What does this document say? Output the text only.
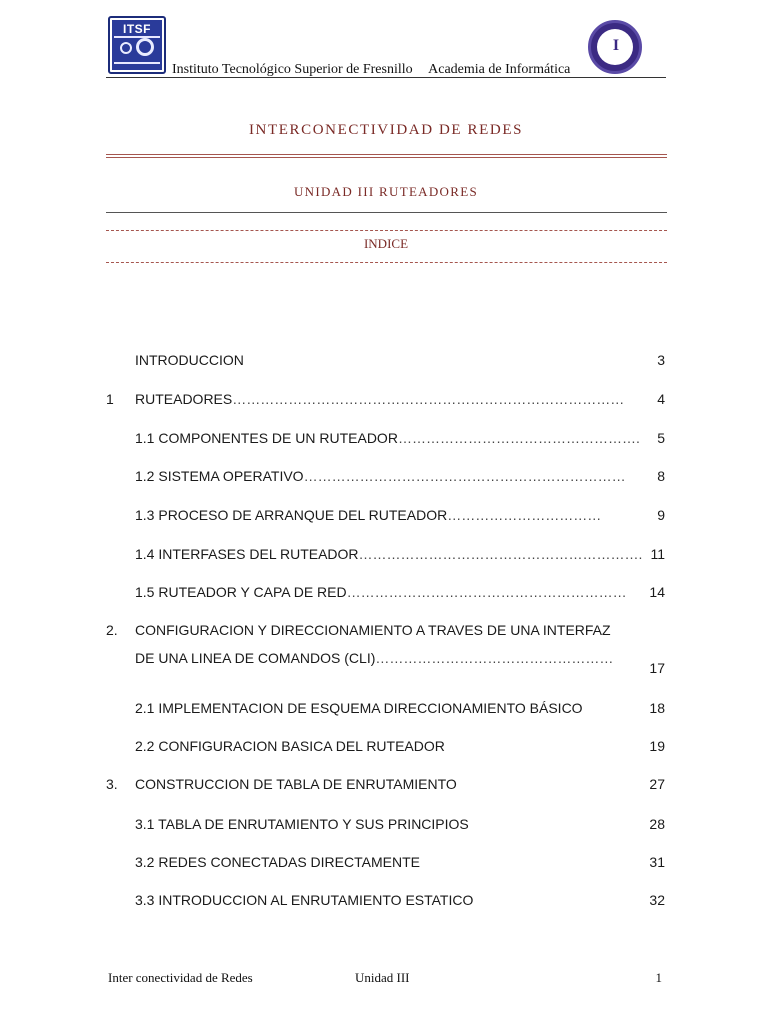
ITSF
Instituto Tecnológico Superior de Fresnillo Academia de Informática
I
INTERCONECTIVIDAD DE REDES
UNIDAD III RUTEADORES
INDICE
INTRODUCCION	3
1 RUTEADORES………………………………………………………………………… 4
1.1 COMPONENTES DE UN RUTEADOR……………………………………………. 5
1.2 SISTEMA OPERATIVO…………………………………………………………… 8
1.3 PROCESO DE ARRANQUE DEL RUTEADOR……………………………	9
1.4 INTERFASES DEL RUTEADOR……………………………………………………. 11
1.5 RUTEADOR Y CAPA DE RED…………………………………………………… 14
2. CONFIGURACION Y DIRECCIONAMIENTO A TRAVES DE UNA INTERFAZ
DE UNA LINEA DE COMANDOS (CLI)……………………………………………
17
2.1 IMPLEMENTACION DE ESQUEMA DIRECCIONAMIENTO BÁSICO	18
2.2 CONFIGURACION BASICA DEL RUTEADOR	19
3. CONSTRUCCION DE TABLA DE ENRUTAMIENTO	27
3.1 TABLA DE ENRUTAMIENTO Y SUS PRINCIPIOS	28
3.2 REDES CONECTADAS DIRECTAMENTE	31
3.3 INTRODUCCION AL ENRUTAMIENTO ESTATICO	32
Inter conectividad de Redes	Unidad III	1
